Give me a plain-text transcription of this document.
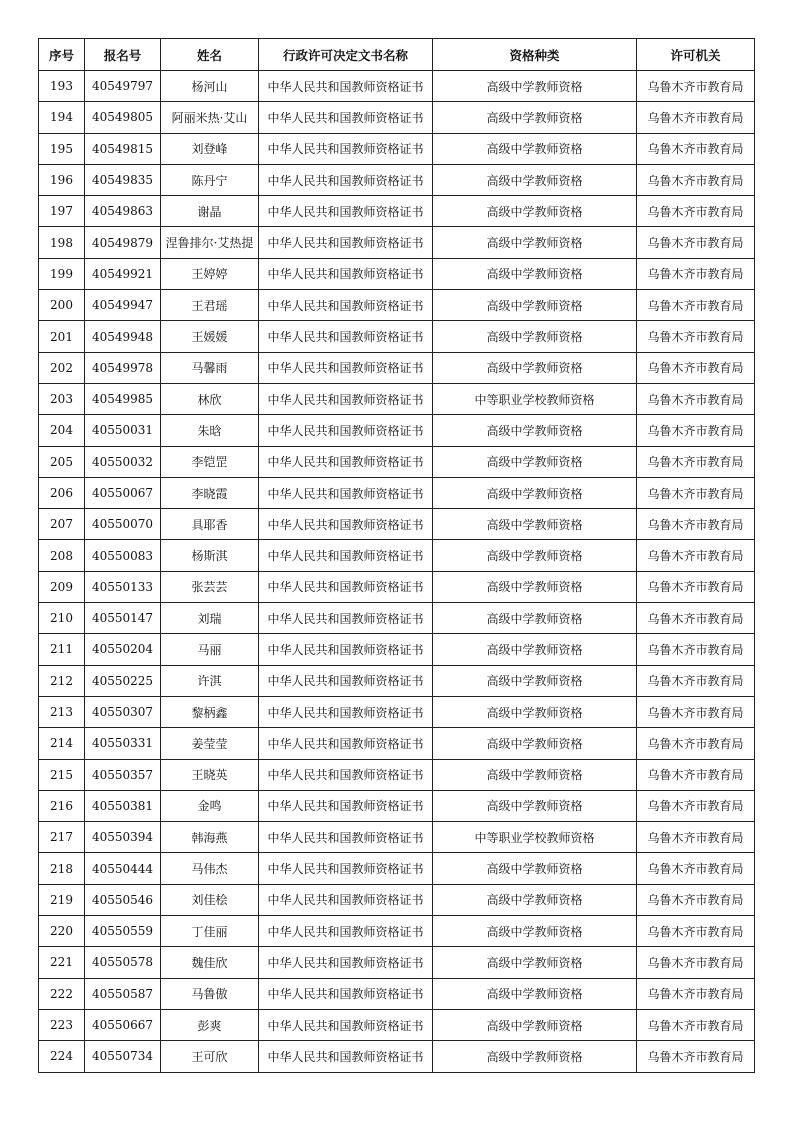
序号	报名号	姓名	行政许可决定文书名称	资格种类	许可机关
193	40549797	杨河山	中华人民共和国教师资格证书	高级中学教师资格	乌鲁木齐市教育局
194	40549805	阿丽米热·艾山	中华人民共和国教师资格证书	高级中学教师资格	乌鲁木齐市教育局
195	40549815	刘登峰	中华人民共和国教师资格证书	高级中学教师资格	乌鲁木齐市教育局
196	40549835	陈丹宁	中华人民共和国教师资格证书	高级中学教师资格	乌鲁木齐市教育局
197	40549863	谢晶	中华人民共和国教师资格证书	高级中学教师资格	乌鲁木齐市教育局
198	40549879	涅鲁排尔·艾热提	中华人民共和国教师资格证书	高级中学教师资格	乌鲁木齐市教育局
199	40549921	王婷婷	中华人民共和国教师资格证书	高级中学教师资格	乌鲁木齐市教育局
200	40549947	王君瑶	中华人民共和国教师资格证书	高级中学教师资格	乌鲁木齐市教育局
201	40549948	王媛媛	中华人民共和国教师资格证书	高级中学教师资格	乌鲁木齐市教育局
202	40549978	马馨雨	中华人民共和国教师资格证书	高级中学教师资格	乌鲁木齐市教育局
203	40549985	林欣	中华人民共和国教师资格证书	中等职业学校教师资格	乌鲁木齐市教育局
204	40550031	朱晗	中华人民共和国教师资格证书	高级中学教师资格	乌鲁木齐市教育局
205	40550032	李铠罡	中华人民共和国教师资格证书	高级中学教师资格	乌鲁木齐市教育局
206	40550067	李晓霞	中华人民共和国教师资格证书	高级中学教师资格	乌鲁木齐市教育局
207	40550070	具耶香	中华人民共和国教师资格证书	高级中学教师资格	乌鲁木齐市教育局
208	40550083	杨斯淇	中华人民共和国教师资格证书	高级中学教师资格	乌鲁木齐市教育局
209	40550133	张芸芸	中华人民共和国教师资格证书	高级中学教师资格	乌鲁木齐市教育局
210	40550147	刘瑞	中华人民共和国教师资格证书	高级中学教师资格	乌鲁木齐市教育局
211	40550204	马丽	中华人民共和国教师资格证书	高级中学教师资格	乌鲁木齐市教育局
212	40550225	许淇	中华人民共和国教师资格证书	高级中学教师资格	乌鲁木齐市教育局
213	40550307	黎柄鑫	中华人民共和国教师资格证书	高级中学教师资格	乌鲁木齐市教育局
214	40550331	姜莹莹	中华人民共和国教师资格证书	高级中学教师资格	乌鲁木齐市教育局
215	40550357	王晓英	中华人民共和国教师资格证书	高级中学教师资格	乌鲁木齐市教育局
216	40550381	金鸣	中华人民共和国教师资格证书	高级中学教师资格	乌鲁木齐市教育局
217	40550394	韩海燕	中华人民共和国教师资格证书	中等职业学校教师资格	乌鲁木齐市教育局
218	40550444	马伟杰	中华人民共和国教师资格证书	高级中学教师资格	乌鲁木齐市教育局
219	40550546	刘佳桧	中华人民共和国教师资格证书	高级中学教师资格	乌鲁木齐市教育局
220	40550559	丁佳丽	中华人民共和国教师资格证书	高级中学教师资格	乌鲁木齐市教育局
221	40550578	魏佳欣	中华人民共和国教师资格证书	高级中学教师资格	乌鲁木齐市教育局
222	40550587	马鲁傲	中华人民共和国教师资格证书	高级中学教师资格	乌鲁木齐市教育局
223	40550667	彭爽	中华人民共和国教师资格证书	高级中学教师资格	乌鲁木齐市教育局
224	40550734	王可欣	中华人民共和国教师资格证书	高级中学教师资格	乌鲁木齐市教育局
